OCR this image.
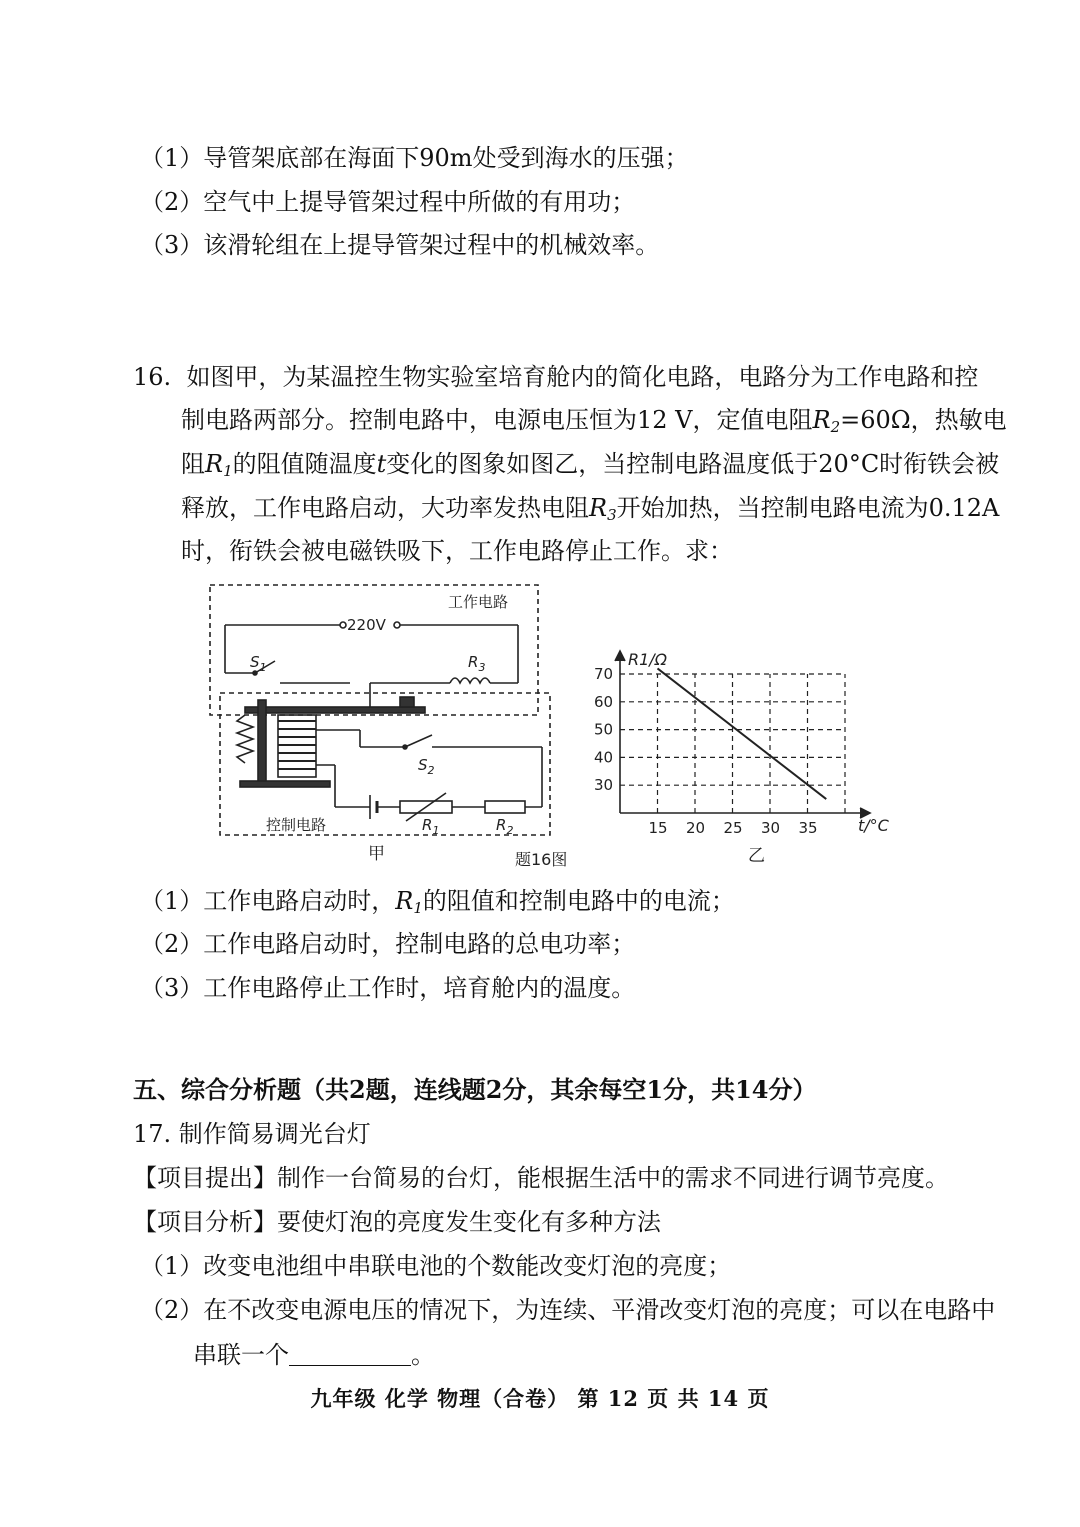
（1）导管架底部在海面下90m处受到海水的压强；
（2）空气中上提导管架过程中所做的有用功；
（3）该滑轮组在上提导管架过程中的机械效率。
16. 如图甲，为某温控生物实验室培育舱内的简化电路，电路分为工作电路和控
制电路两部分。控制电路中，电源电压恒为12 V，定值电阻$R_2=60\Omega$，热敏电
阻$R_1$的阻值随温度t变化的图象如图乙，当控制电路温度低于20°C时衔铁会被
释放，工作电路启动，大功率发热电阻$R_3$开始加热，当控制电路电流为0.12A
时，衔铁会被电磁铁吸下，工作电路停止工作。求：
15 20 25 30 35
30
40
50
60
70
220V
工作电路
控制电路
$S_1$
$S_2$
$R_3$
$R_1$	$R_2$
甲	题16图	乙
R1/Ω
t/°C
（1）工作电路启动时，$R_1$的阻值和控制电路中的电流；
（2）工作电路启动时，控制电路的总电功率；
（3）工作电路停止工作时，培育舱内的温度。
五、综合分析题（共2题，连线题2分，其余每空1分，共14分）
17. 制作简易调光台灯
【项目提出】制作一台简易的台灯，能根据生活中的需求不同进行调节亮度。
【项目分析】要使灯泡的亮度发生变化有多种方法
（1）改变电池组中串联电池的个数能改变灯泡的亮度；
（2）在不改变电源电压的情况下，为连续、平滑改变灯泡的亮度；可以在电路中
串联一个	。
九年级 化学 物理（合卷） 第 12 页 共 14 页
